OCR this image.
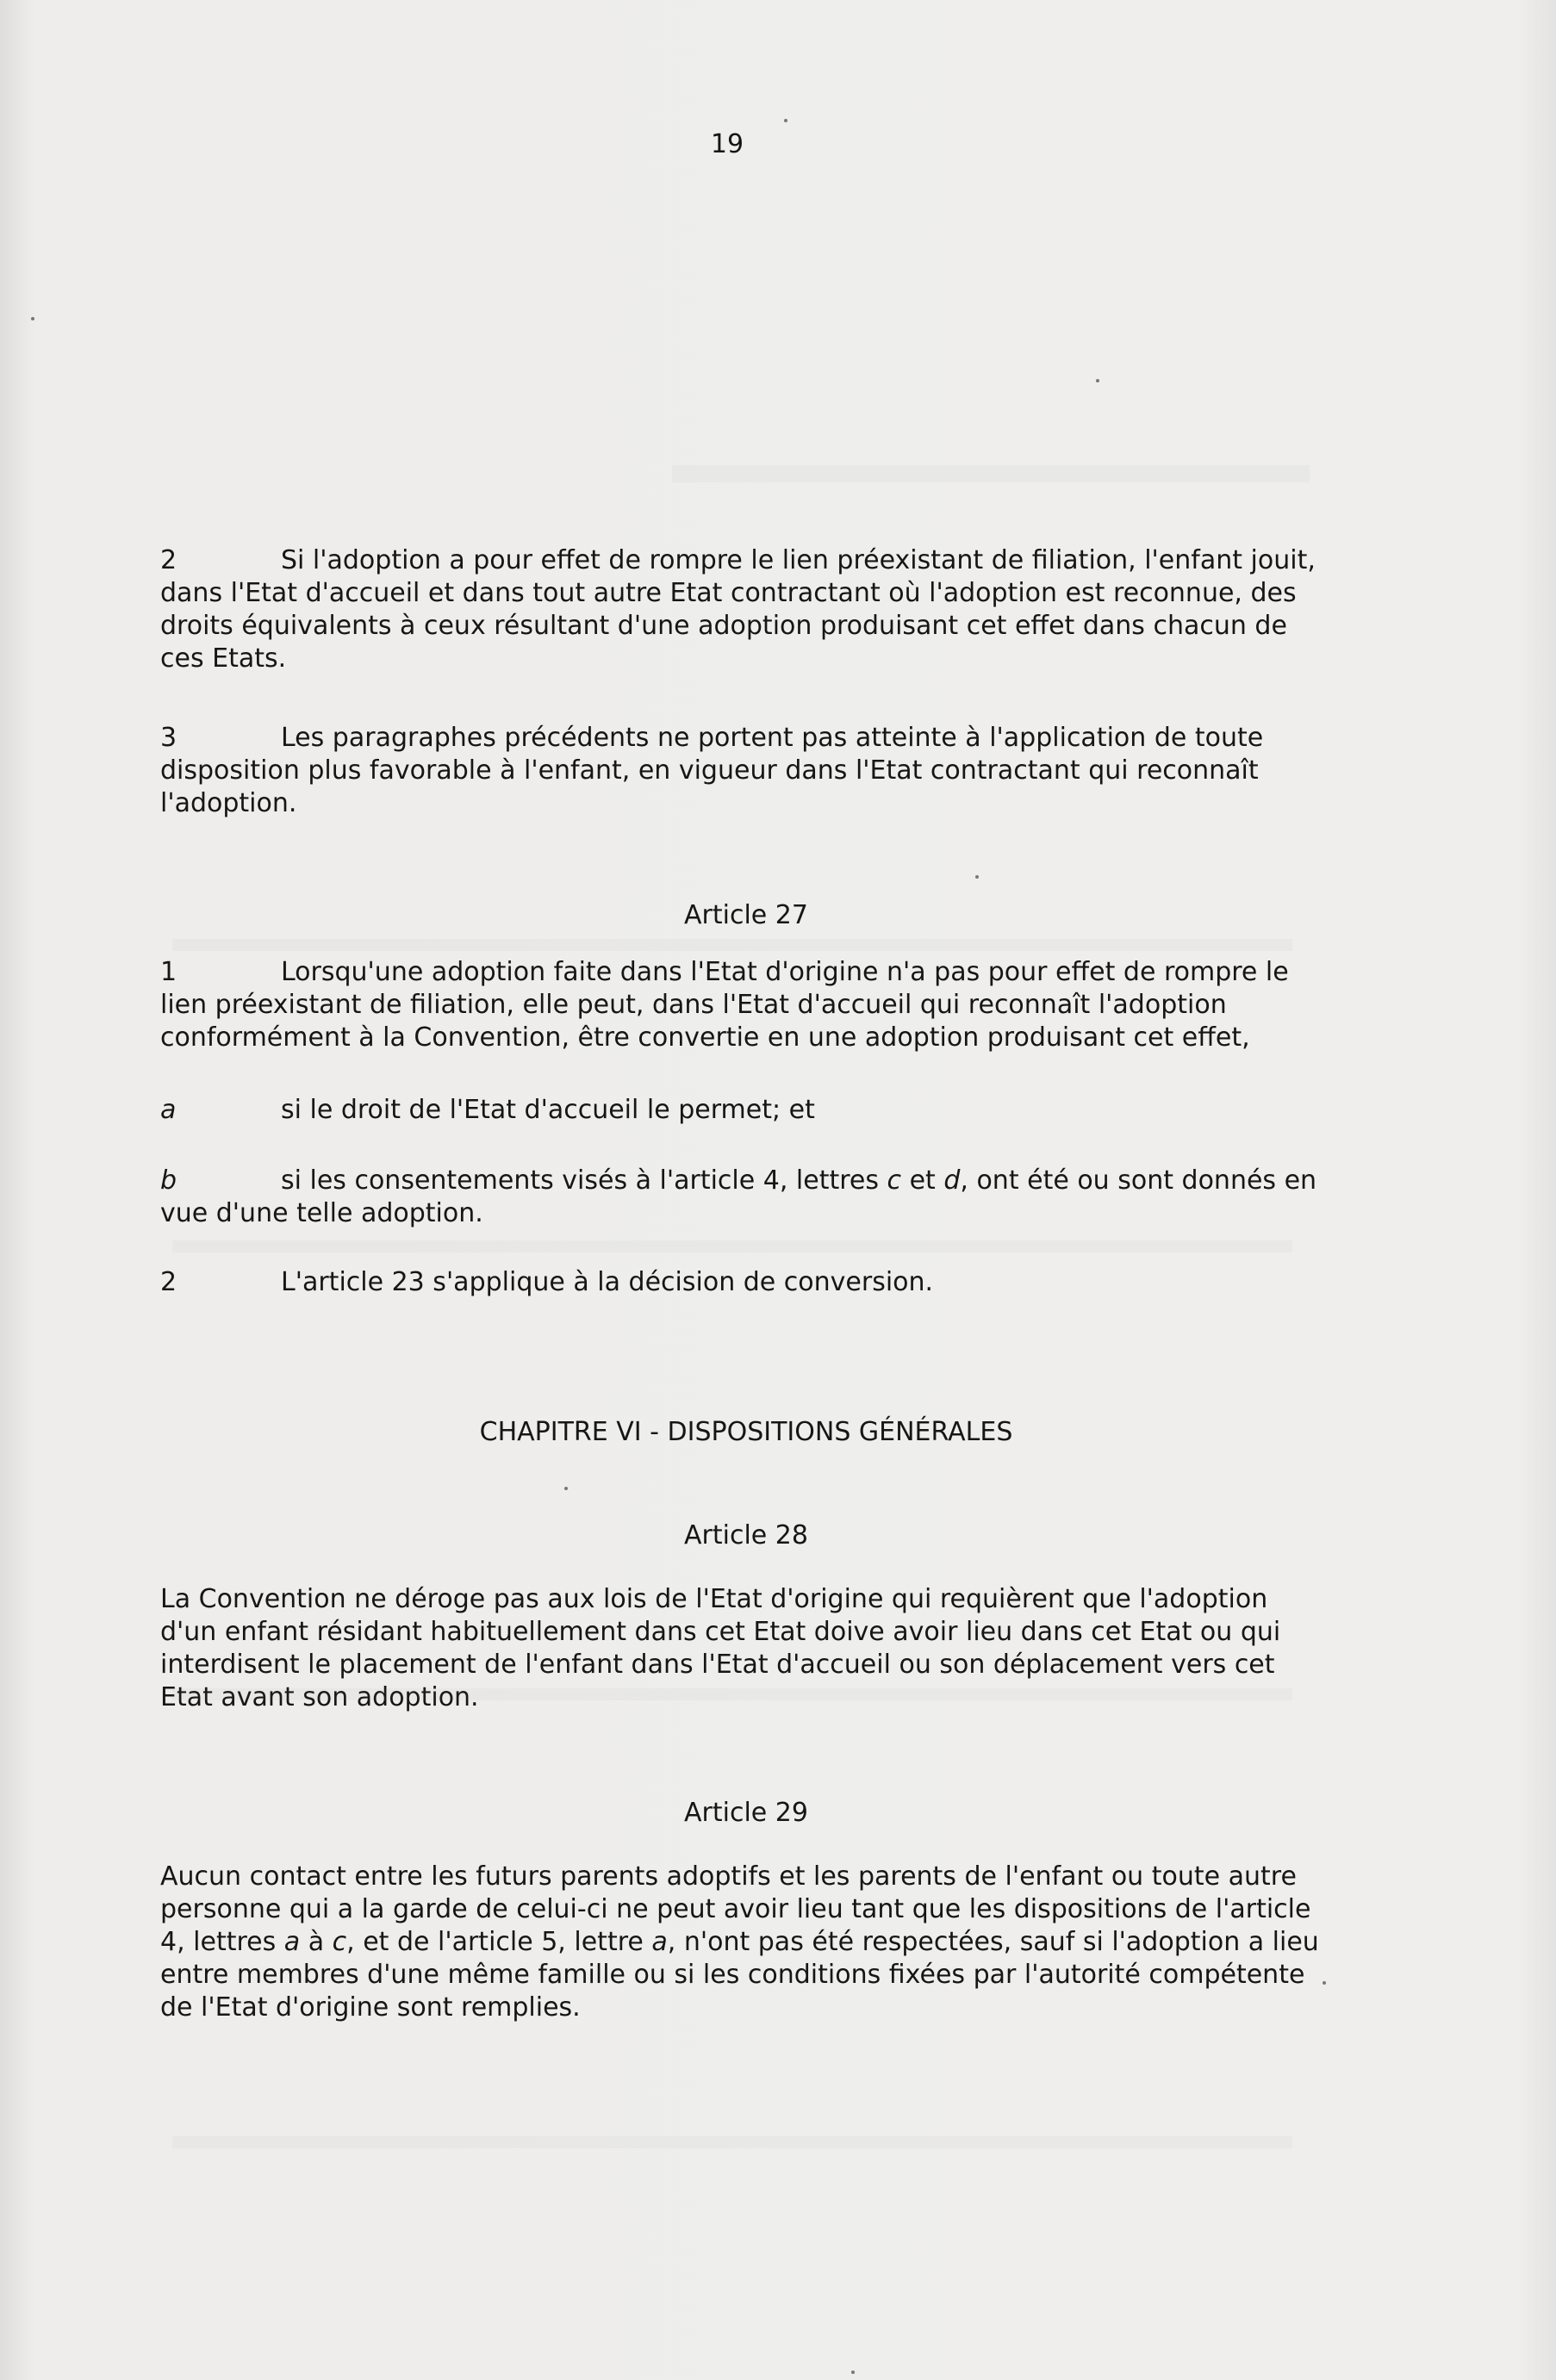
19

2	Si l'adoption a pour effet de rompre le lien préexistant de filiation, l'enfant jouit, dans l'Etat d'accueil et dans tout autre Etat contractant où l'adoption est reconnue, des droits équivalents à ceux résultant d'une adoption produisant cet effet dans chacun de ces Etats.

3	Les paragraphes précédents ne portent pas atteinte à l'application de toute disposition plus favorable à l'enfant, en vigueur dans l'Etat contractant qui reconnaît l'adoption.

Article 27

1	Lorsqu'une adoption faite dans l'Etat d'origine n'a pas pour effet de rompre le lien préexistant de filiation, elle peut, dans l'Etat d'accueil qui reconnaît l'adoption conformément à la Convention, être convertie en une adoption produisant cet effet,

a	si le droit de l'Etat d'accueil le permet; et
b	si les consentements visés à l'article 4, lettres c et d, ont été ou sont donnés en vue d'une telle adoption.

2	L'article 23 s'applique à la décision de conversion.

CHAPITRE VI - DISPOSITIONS GÉNÉRALES
Article 28

La Convention ne déroge pas aux lois de l'Etat d'origine qui requièrent que l'adoption d'un enfant résidant habituellement dans cet Etat doive avoir lieu dans cet Etat ou qui interdisent le placement de l'enfant dans l'Etat d'accueil ou son déplacement vers cet Etat avant son adoption.

Article 29

Aucun contact entre les futurs parents adoptifs et les parents de l'enfant ou toute autre personne qui a la garde de celui-ci ne peut avoir lieu tant que les dispositions de l'article 4, lettres a à c, et de l'article 5, lettre a, n'ont pas été respectées, sauf si l'adoption a lieu entre membres d'une même famille ou si les conditions fixées par l'autorité compétente de l'Etat d'origine sont remplies.
